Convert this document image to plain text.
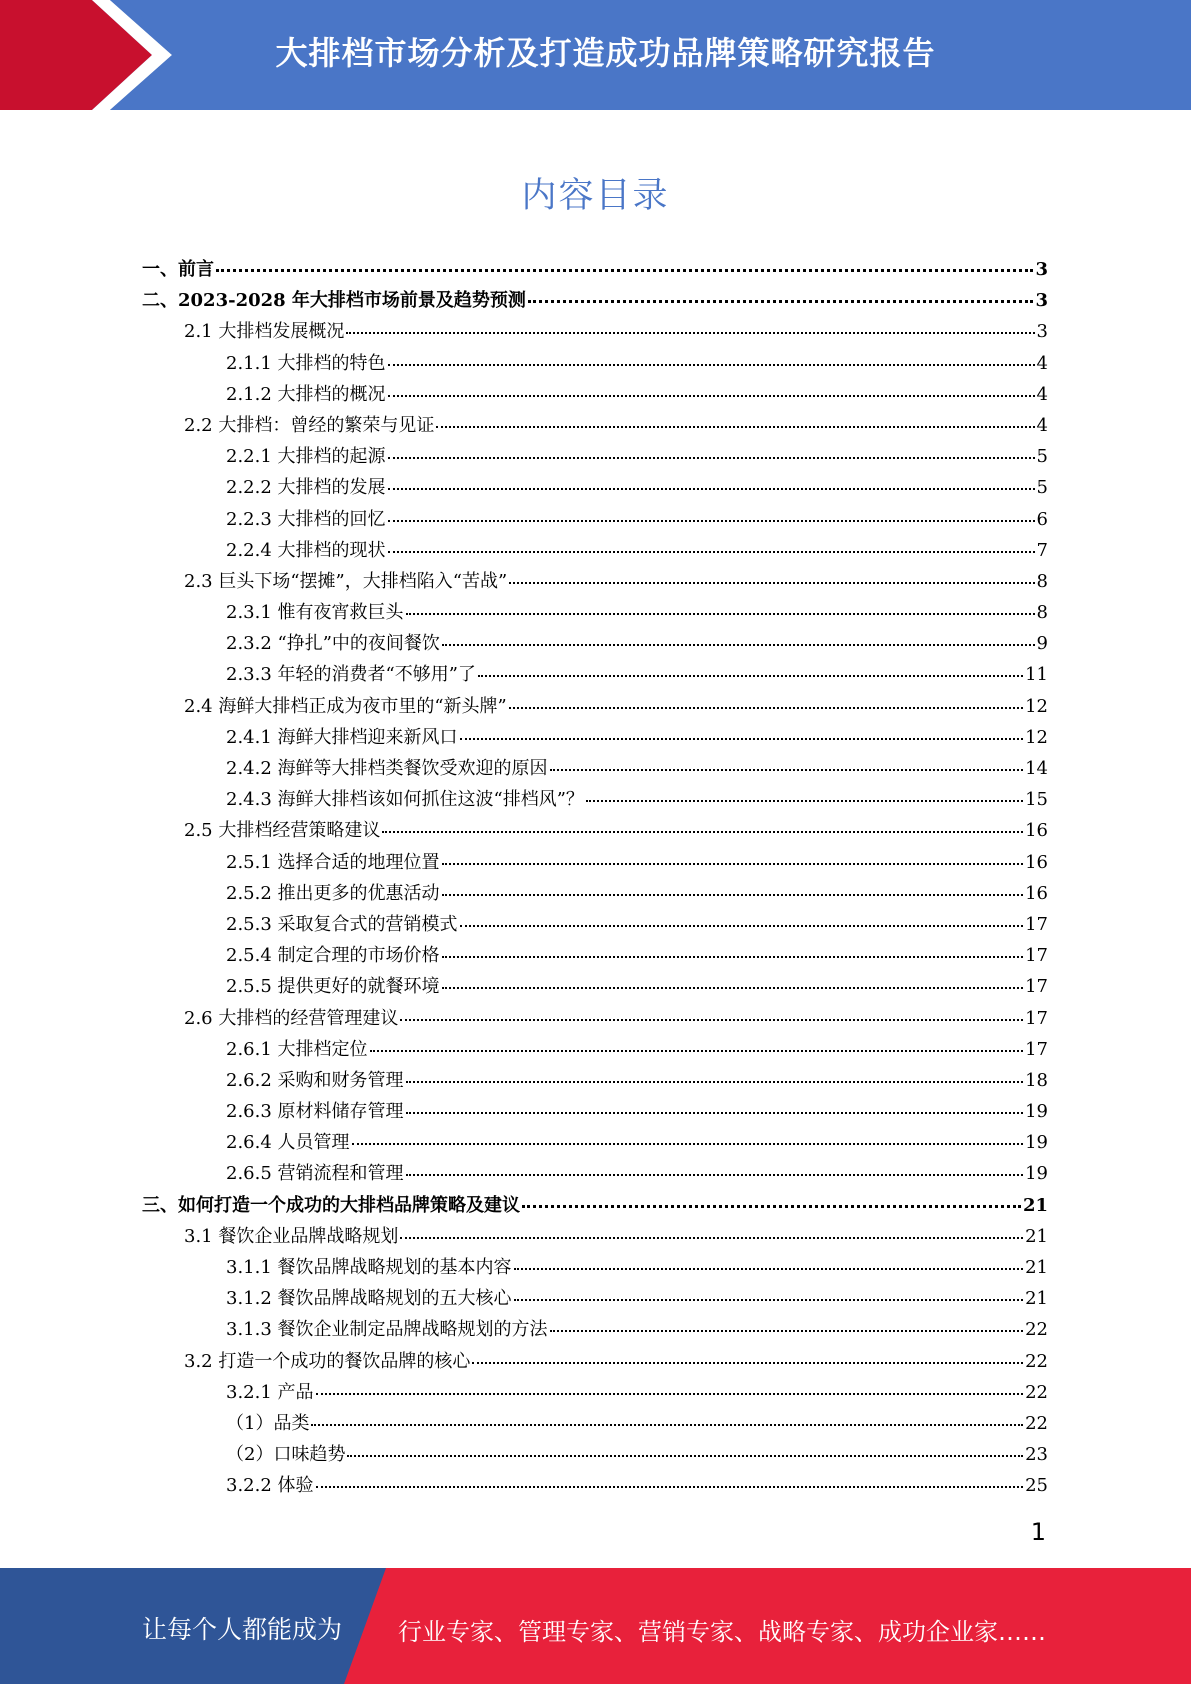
大排档市场分析及打造成功品牌策略研究报告
内容目录
一、前言	3
二、2023-2028 年大排档市场前景及趋势预测	3
2.1 大排档发展概况	3
2.1.1 大排档的特色	4
2.1.2 大排档的概况	4
2.2 大排档：曾经的繁荣与见证	4
2.2.1 大排档的起源	5
2.2.2 大排档的发展	5
2.2.3 大排档的回忆	6
2.2.4 大排档的现状	7
2.3 巨头下场“摆摊”，大排档陷入“苦战”	8
2.3.1 惟有夜宵救巨头	8
2.3.2 “挣扎”中的夜间餐饮	9
2.3.3 年轻的消费者“不够用”了	11
2.4 海鲜大排档正成为夜市里的“新头牌”	12
2.4.1 海鲜大排档迎来新风口	12
2.4.2 海鲜等大排档类餐饮受欢迎的原因	14
2.4.3 海鲜大排档该如何抓住这波“排档风”？	15
2.5 大排档经营策略建议	16
2.5.1 选择合适的地理位置	16
2.5.2 推出更多的优惠活动	16
2.5.3 采取复合式的营销模式	17
2.5.4 制定合理的市场价格	17
2.5.5 提供更好的就餐环境	17
2.6 大排档的经营管理建议	17
2.6.1 大排档定位	17
2.6.2 采购和财务管理	18
2.6.3 原材料储存管理	19
2.6.4 人员管理	19
2.6.5 营销流程和管理	19
三、如何打造一个成功的大排档品牌策略及建议	21
3.1 餐饮企业品牌战略规划	21
3.1.1 餐饮品牌战略规划的基本内容	21
3.1.2 餐饮品牌战略规划的五大核心	21
3.1.3 餐饮企业制定品牌战略规划的方法	22
3.2 打造一个成功的餐饮品牌的核心	22
3.2.1 产品	22
（1）品类	22
（2）口味趋势	23
3.2.2 体验	25
1
让每个人都能成为 行业专家、管理专家、营销专家、战略专家、成功企业家……
